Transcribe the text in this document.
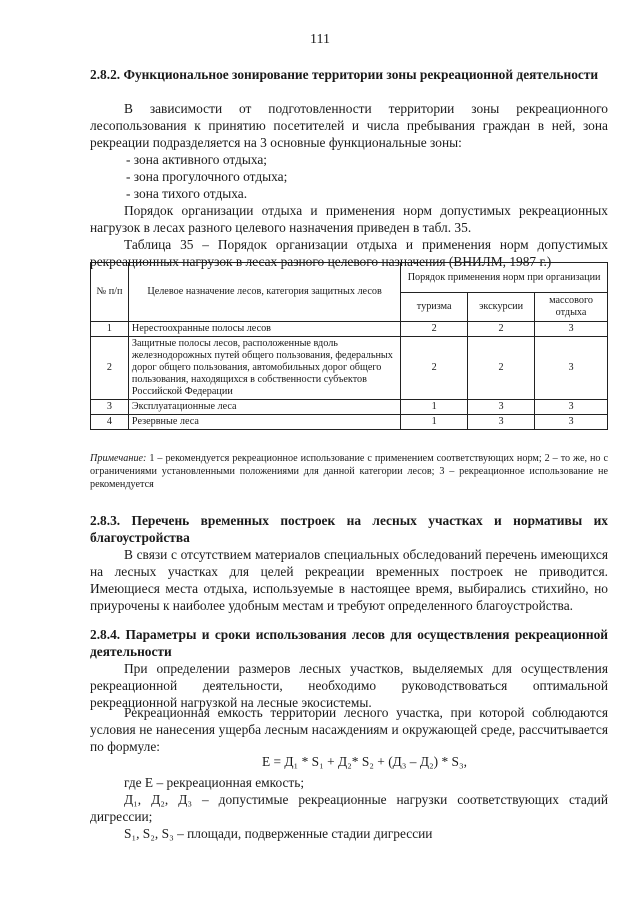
111
2.8.2. Функциональное зонирование территории зоны рекреационной деятельности
В зависимости от подготовленности территории зоны рекреационного лесопользования к принятию посетителей и числа пребывания граждан в ней, зона рекреации подразделяется на 3 основные функциональные зоны:
- зона активного отдыха;
- зона прогулочного отдыха;
- зона тихого отдыха.
Порядок организации отдыха и применения норм допустимых рекреационных нагрузок в лесах разного целевого назначения приведен в табл. 35.
Таблица 35 – Порядок организации отдыха и применения норм допустимых рекреационных нагрузок в лесах разного целевого назначения (ВНИЛМ, 1987 г.)
№ п/п	Целевое назначение лесов, категория защитных лесов	Порядок применения норм при организации		
		туризма	экскурсии	массового отдыха
1	Нерестоохранные полосы лесов	2	2	3
2	Защитные полосы лесов, расположенные вдоль железнодорожных путей общего пользования, федеральных дорог общего пользования, автомобильных дорог общего пользования, находящихся в собственности субъектов Российской Федерации	2	2	3
3	Эксплуатационные леса	1	3	3
4	Резервные леса	1	3	3
Примечание: 1 – рекомендуется рекреационное использование с применением соответствующих норм; 2 – то же, но с ограничениями установленными положениями для данной категории лесов; 3 – рекреационное использование не рекомендуется
2.8.3. Перечень временных построек на лесных участках и нормативы их благоустройства
В связи с отсутствием материалов специальных обследований перечень имеющихся на лесных участках для целей рекреации временных построек не приводится. Имеющиеся места отдыха, используемые в настоящее время, выбирались стихийно, но приурочены к наиболее удобным местам и требуют определенного благоустройства.
2.8.4. Параметры и сроки использования лесов для осуществления рекреационной деятельности
При определении размеров лесных участков, выделяемых для осуществления рекреационной деятельности, необходимо руководствоваться оптимальной рекреационной нагрузкой на лесные экосистемы.
Рекреационная емкость территории лесного участка, при которой соблюдаются условия не нанесения ущерба лесным насаждениям и окружающей среде, рассчитывается по формуле:
Е = Д₁ * S₁ + Д₂* S₂ + (Д₃ – Д₂) * S₃,
где Е – рекреационная емкость;
Д₁, Д₂, Д₃ – допустимые рекреационные нагрузки соответствующих стадий дигрессии;
S₁, S₂, S₃ – площади, подверженные стадии дигрессии
